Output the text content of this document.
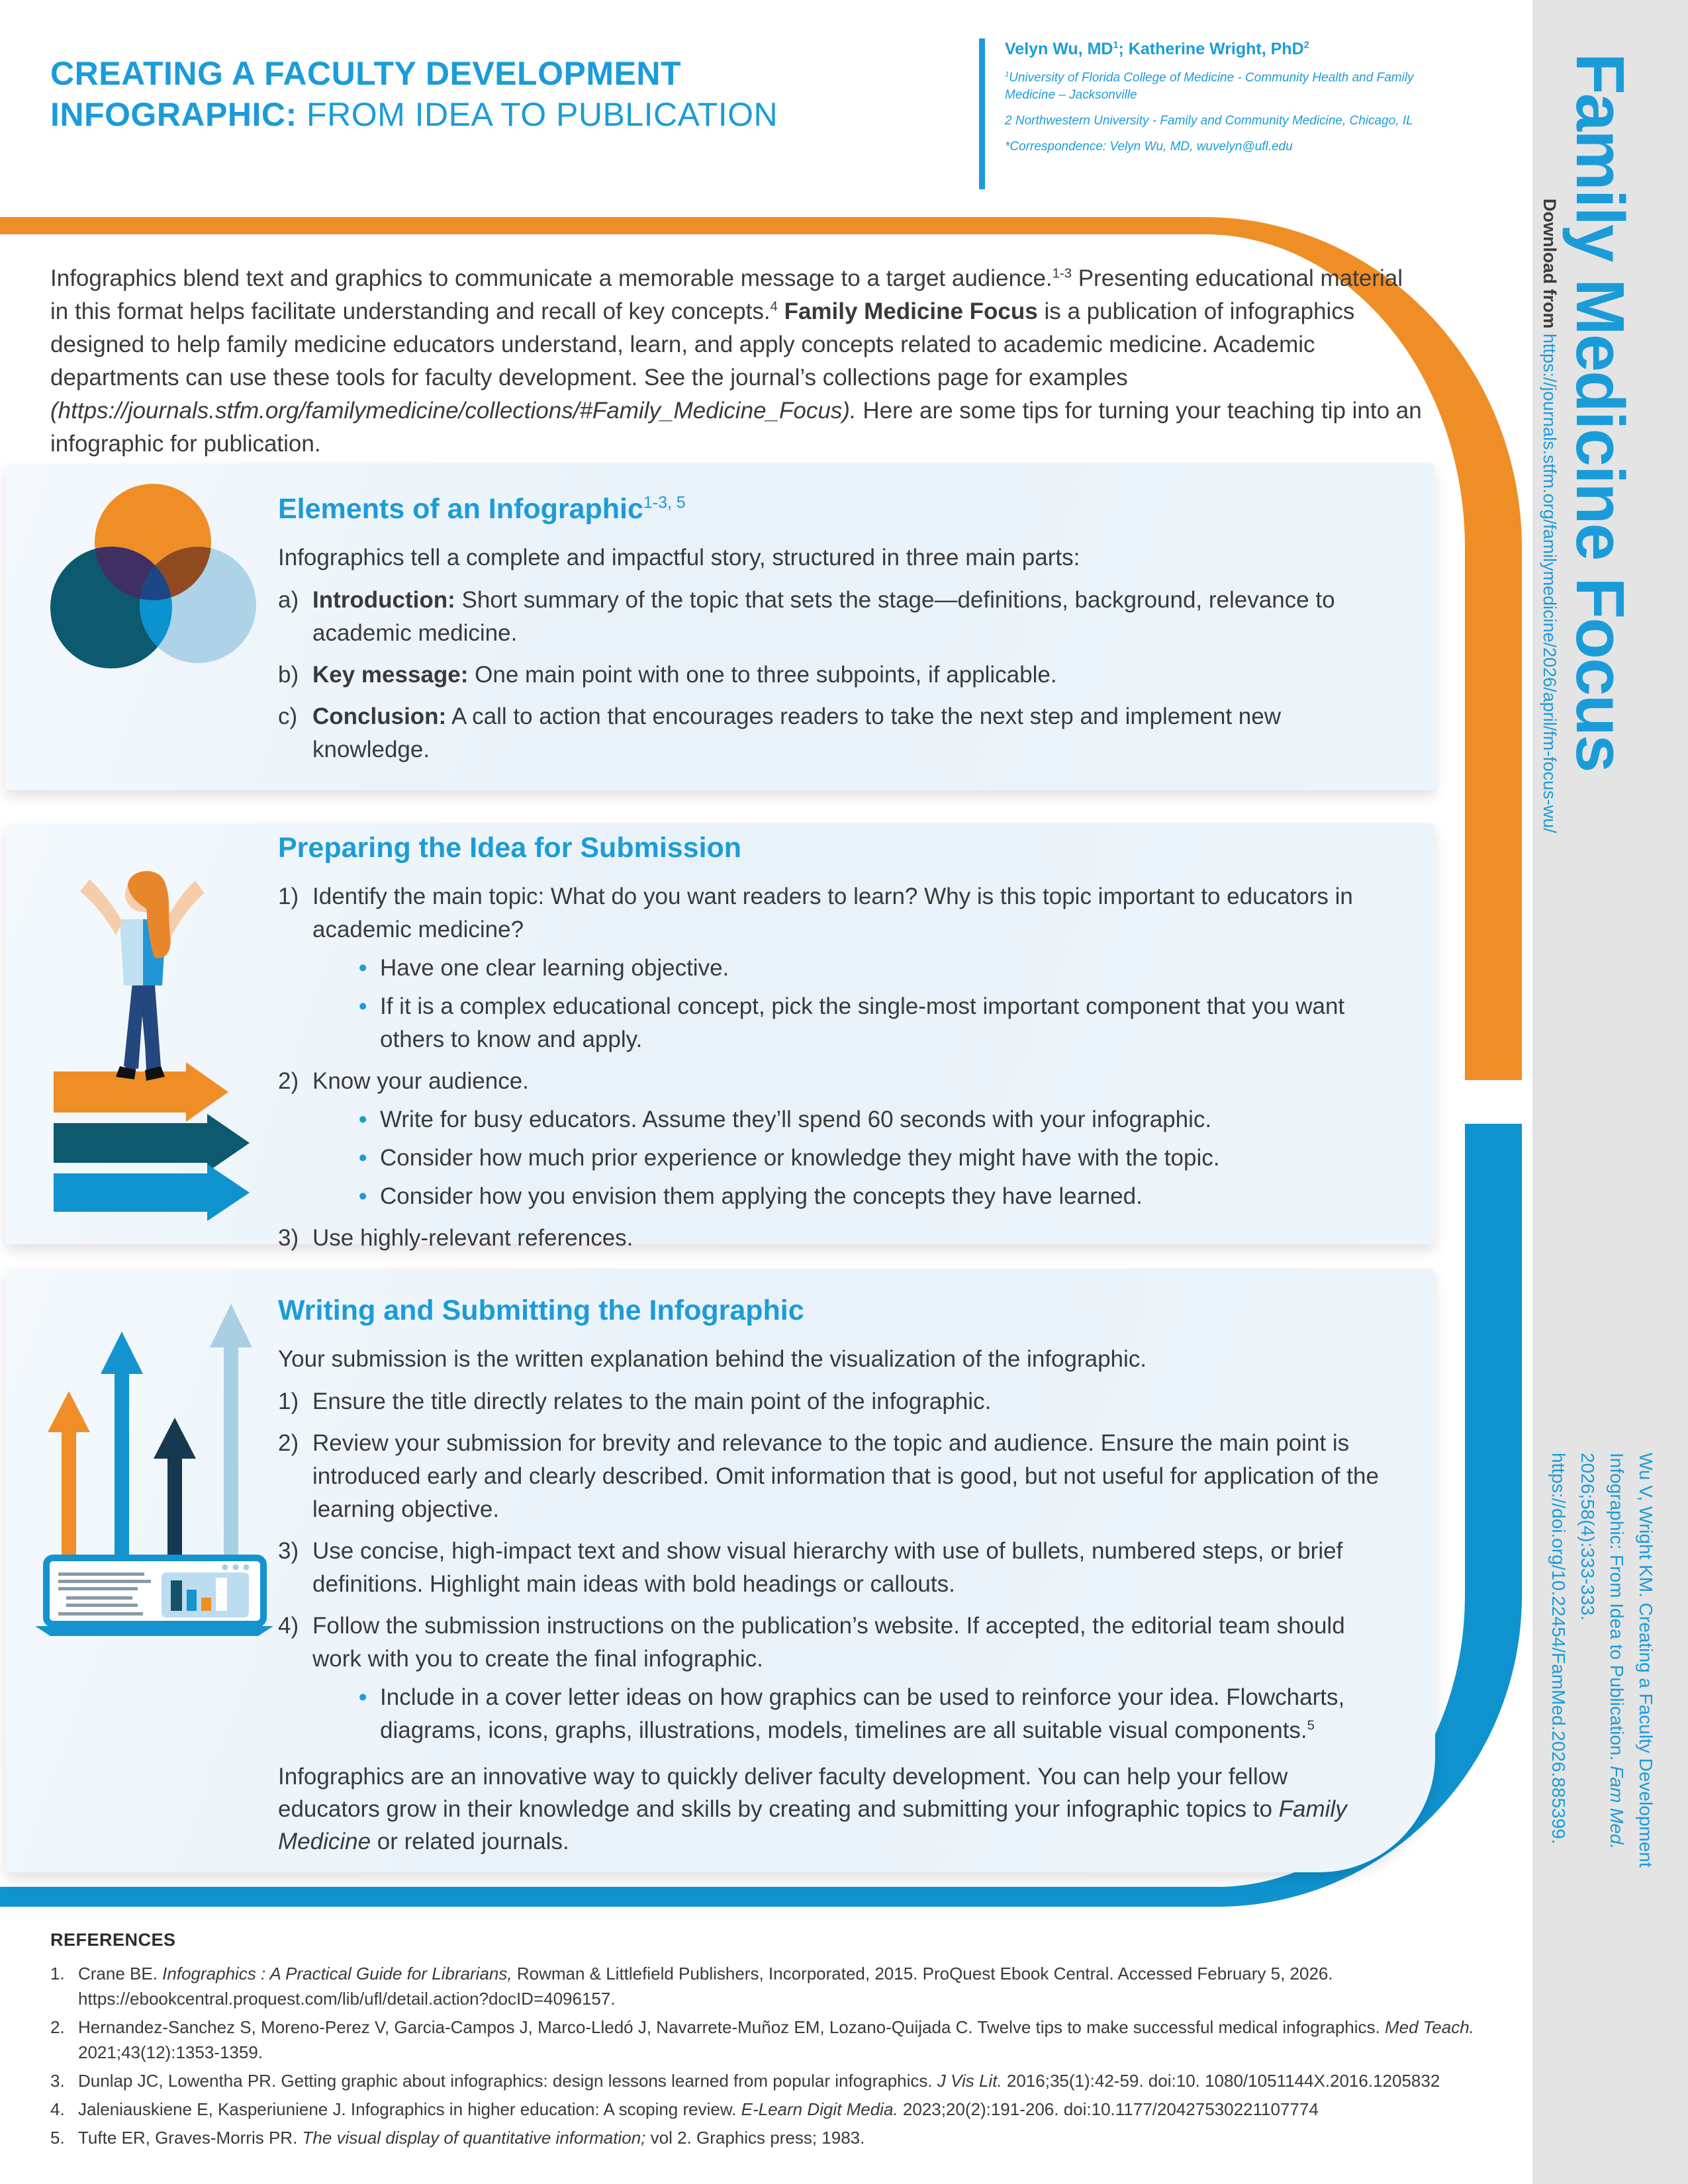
Family Medicine Focus
Download from https://journals.stfm.org/familymedicine/2026/april/fm-focus-wu/
Wu V, Wright KM. Creating a Faculty Development Infographic: From Idea to Publication. Fam Med. 2026;58(4):333-333. https://doi.org/10.22454/FamMed.2026.885399.
CREATING A FACULTY DEVELOPMENT
INFOGRAPHIC: FROM IDEA TO PUBLICATION

Velyn Wu, $MD^1$; Katherine Wright, PhD$^2$

$^1$University of Florida College of Medicine - Community Health and Family Medicine – Jacksonville

2 Northwestern University - Family and Community Medicine, Chicago, IL

*Correspondence: Velyn Wu, MD, wuvelyn@ufl.edu

Infographics blend text and graphics to communicate a memorable message to a target audience.$^{1-3}$ Presenting educational material in this format helps facilitate understanding and recall of key concepts.$^4$ Family Medicine Focus is a publication of infographics designed to help family medicine educators understand, learn, and apply concepts related to academic medicine. Academic departments can use these tools for faculty development. See the journal’s collections page for examples (https://journals.stfm.org/familymedicine/collections/#Family_Medicine_Focus). Here are some tips for turning your teaching tip into an infographic for publication.
Elements of an Infographic$^{1-3, 5}$

Infographics tell a complete and impactful story, structured in three main parts:

a) Introduction: Short summary of the topic that sets the stage—definitions, background, relevance to academic medicine.
b) Key message: One main point with one to three subpoints, if applicable.
c) Conclusion: A call to action that encourages readers to take the next step and implement new knowledge.
Preparing the Idea for Submission
1) Identify the main topic: What do you want readers to learn? Why is this topic important to educators in academic medicine?
• Have one clear learning objective.
• If it is a complex educational concept, pick the single-most important component that you want others to know and apply.
2) Know your audience.
• Write for busy educators. Assume they’ll spend 60 seconds with your infographic.
• Consider how much prior experience or knowledge they might have with the topic.
• Consider how you envision them applying the concepts they have learned.
3) Use highly-relevant references.
Writing and Submitting the Infographic

Your submission is the written explanation behind the visualization of the infographic.

1) Ensure the title directly relates to the main point of the infographic.
2) Review your submission for brevity and relevance to the topic and audience. Ensure the main point is introduced early and clearly described. Omit information that is good, but not useful for application of the learning objective.
3) Use concise, high-impact text and show visual hierarchy with use of bullets, numbered steps, or brief definitions. Highlight main ideas with bold headings or callouts.
4) Follow the submission instructions on the publication’s website. If accepted, the editorial team should work with you to create the final infographic.
• Include in a cover letter ideas on how graphics can be used to reinforce your idea. Flowcharts, diagrams, icons, graphs, illustrations, models, timelines are all suitable visual components.$^5$

Infographics are an innovative way to quickly deliver faculty development. You can help your fellow educators grow in their knowledge and skills by creating and submitting your infographic topics to Family Medicine or related journals.

REFERENCES
1. Crane BE. Infographics : A Practical Guide for Librarians, Rowman & Littlefield Publishers, Incorporated, 2015. ProQuest Ebook Central. Accessed February 5, 2026. https://ebookcentral.proquest.com/lib/ufl/detail.action?docID=4096157.
2. Hernandez-Sanchez S, Moreno-Perez V, Garcia-Campos J, Marco-Lledó J, Navarrete-Muñoz EM, Lozano-Quijada C. Twelve tips to make successful medical infographics. Med Teach. 2021;43(12):1353-1359.
3. Dunlap JC, Lowentha PR. Getting graphic about infographics: design lessons learned from popular infographics. J Vis Lit. 2016;35(1):42-59. doi:10. 1080/1051144X.2016.1205832
4. Jaleniauskiene E, Kasperiuniene J. Infographics in higher education: A scoping review. E-Learn Digit Media. 2023;20(2):191-206. doi:10.1177/20427530221107774
5. Tufte ER, Graves-Morris PR. The visual display of quantitative information; vol 2. Graphics press; 1983.
